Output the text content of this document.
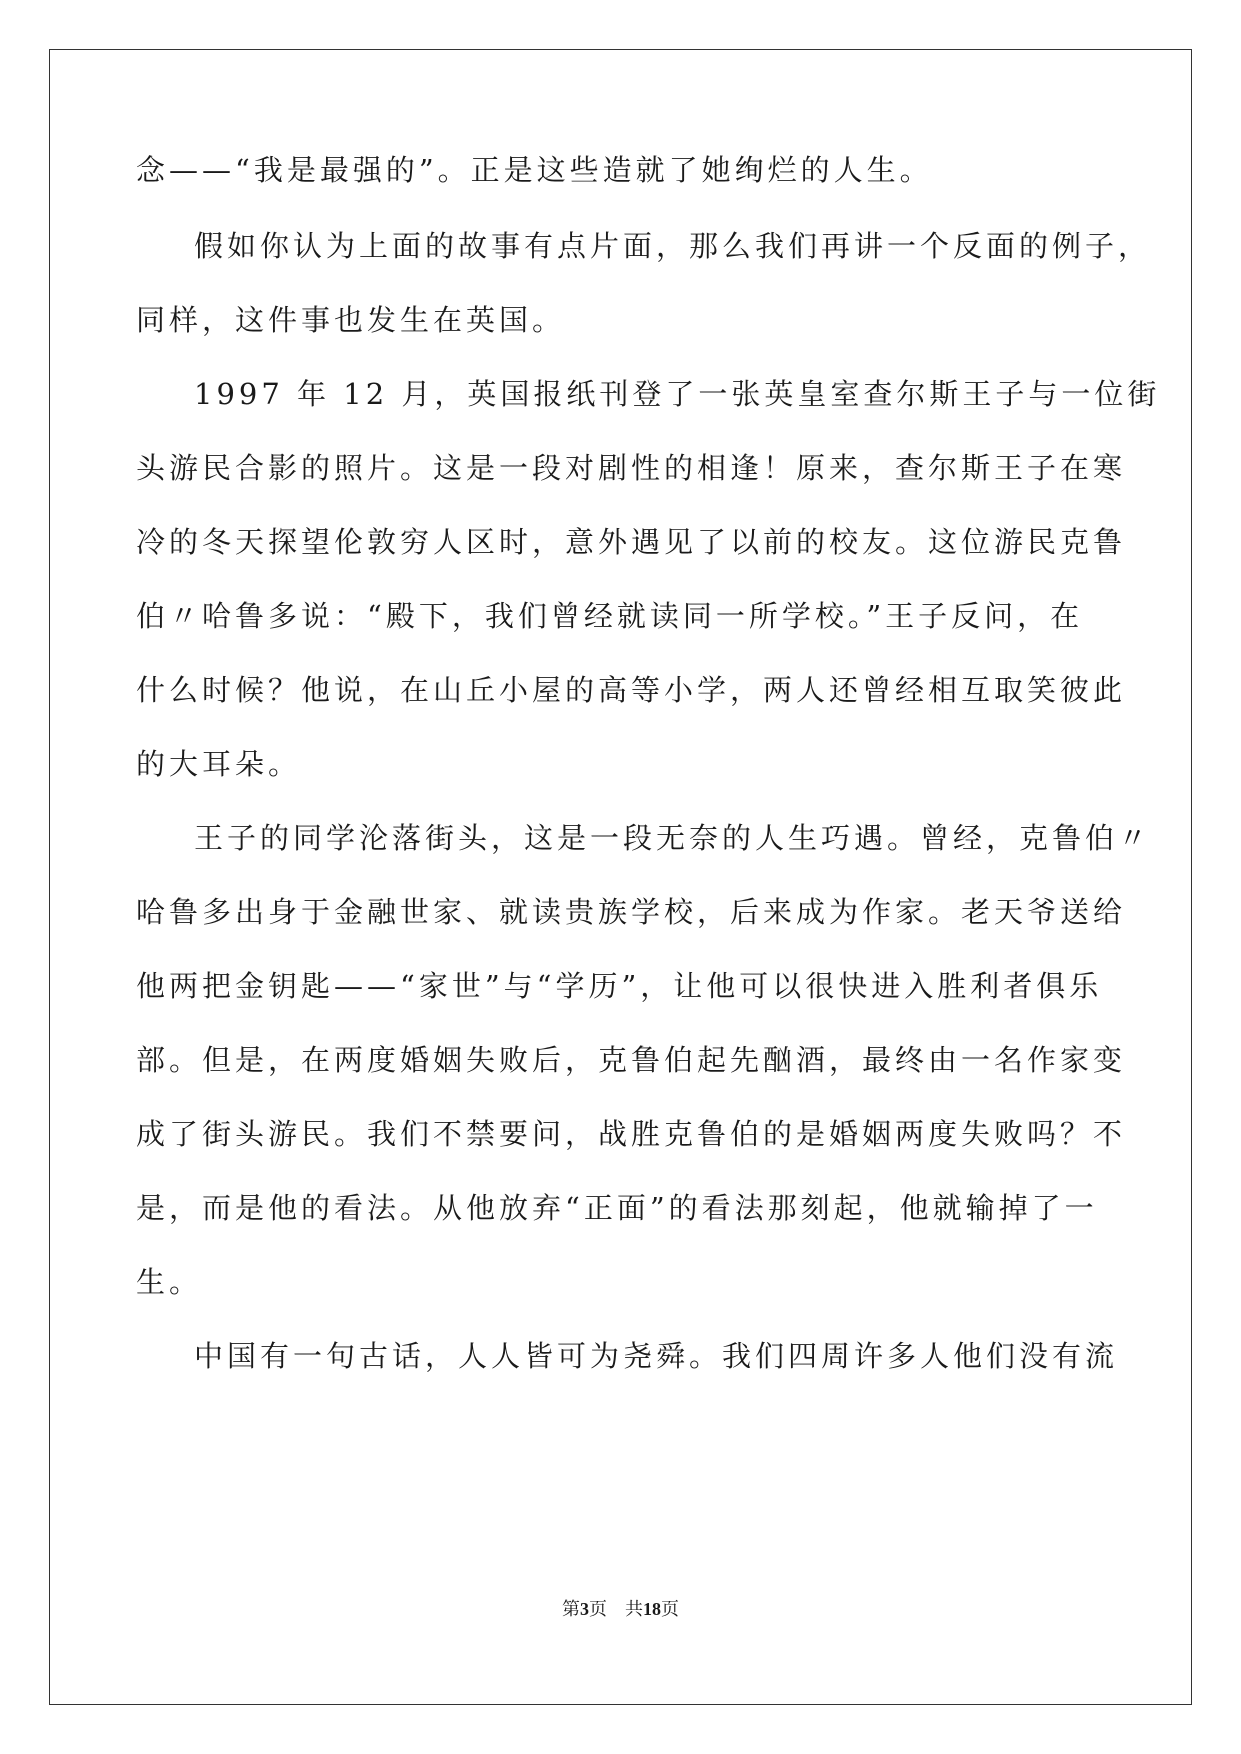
念——“我是最强的”。正是这些造就了她绚烂的人生。
假如你认为上面的故事有点片面，那么我们再讲一个反面的例子，
同样，这件事也发生在英国。
1997 年 12 月，英国报纸刊登了一张英皇室查尔斯王子与一位街
头游民合影的照片。这是一段对剧性的相逢！原来，查尔斯王子在寒
冷的冬天探望伦敦穷人区时，意外遇见了以前的校友。这位游民克鲁
伯〃哈鲁多说：“殿下，我们曾经就读同一所学校。”王子反问，在
什么时候？他说，在山丘小屋的高等小学，两人还曾经相互取笑彼此
的大耳朵。
王子的同学沦落街头，这是一段无奈的人生巧遇。曾经，克鲁伯〃
哈鲁多出身于金融世家、就读贵族学校，后来成为作家。老天爷送给
他两把金钥匙——“家世”与“学历”，让他可以很快进入胜利者俱乐
部。但是，在两度婚姻失败后，克鲁伯起先酗酒，最终由一名作家变
成了街头游民。我们不禁要问，战胜克鲁伯的是婚姻两度失败吗？不
是，而是他的看法。从他放弃“正面”的看法那刻起，他就输掉了一
生。
中国有一句古话，人人皆可为尧舜。我们四周许多人他们没有流
第3页 共18页
